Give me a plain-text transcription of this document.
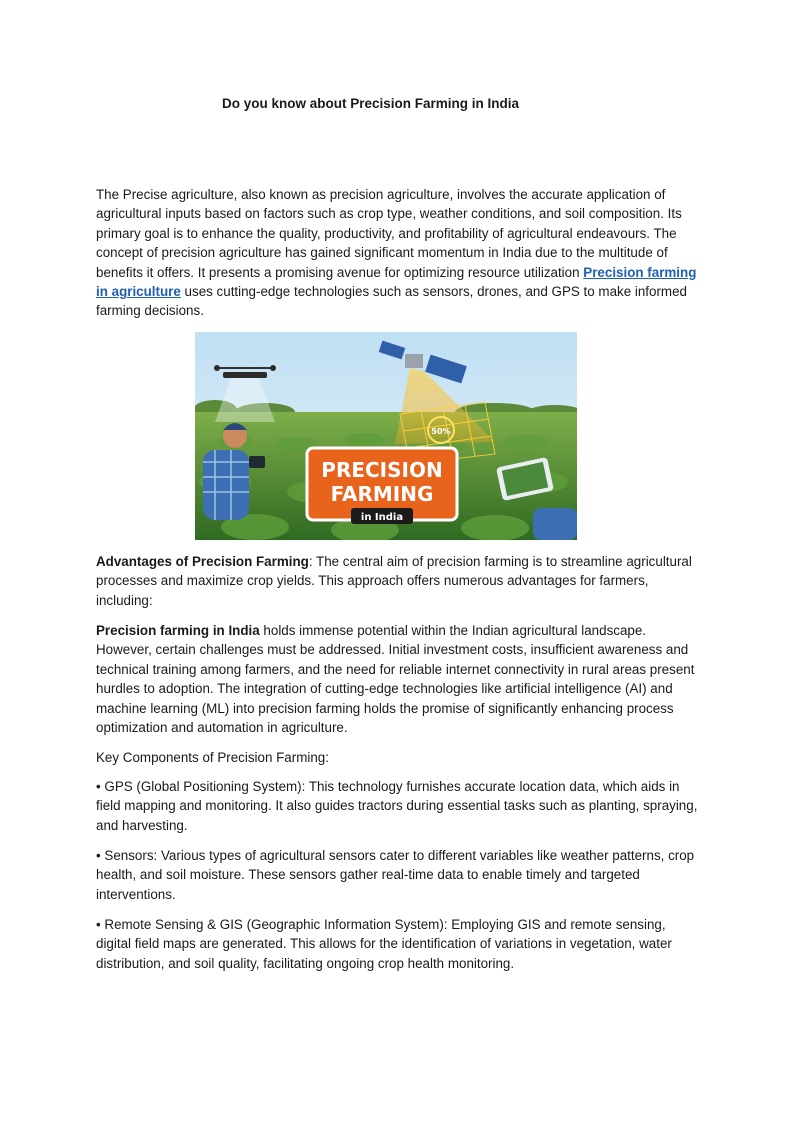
Do you know about Precision Farming in India

The Precise agriculture, also known as precision agriculture, involves the accurate application of agricultural inputs based on factors such as crop type, weather conditions, and soil composition. Its primary goal is to enhance the quality, productivity, and profitability of agricultural endeavours. The concept of precision agriculture has gained significant momentum in India due to the multitude of benefits it offers. It presents a promising avenue for optimizing resource utilization Precision farming in agriculture uses cutting-edge technologies such as sensors, drones, and GPS to make informed farming decisions.

50%
PRECISION
FARMING
in India

Advantages of Precision Farming: The central aim of precision farming is to streamline agricultural processes and maximize crop yields. This approach offers numerous advantages for farmers, including:

Precision farming in India holds immense potential within the Indian agricultural landscape. However, certain challenges must be addressed. Initial investment costs, insufficient awareness and technical training among farmers, and the need for reliable internet connectivity in rural areas present hurdles to adoption. The integration of cutting-edge technologies like artificial intelligence (AI) and machine learning (ML) into precision farming holds the promise of significantly enhancing process optimization and automation in agriculture.

Key Components of Precision Farming:

• GPS (Global Positioning System): This technology furnishes accurate location data, which aids in field mapping and monitoring. It also guides tractors during essential tasks such as planting, spraying, and harvesting.

• Sensors: Various types of agricultural sensors cater to different variables like weather patterns, crop health, and soil moisture. These sensors gather real-time data to enable timely and targeted interventions.

• Remote Sensing & GIS (Geographic Information System): Employing GIS and remote sensing, digital field maps are generated. This allows for the identification of variations in vegetation, water distribution, and soil quality, facilitating ongoing crop health monitoring.
